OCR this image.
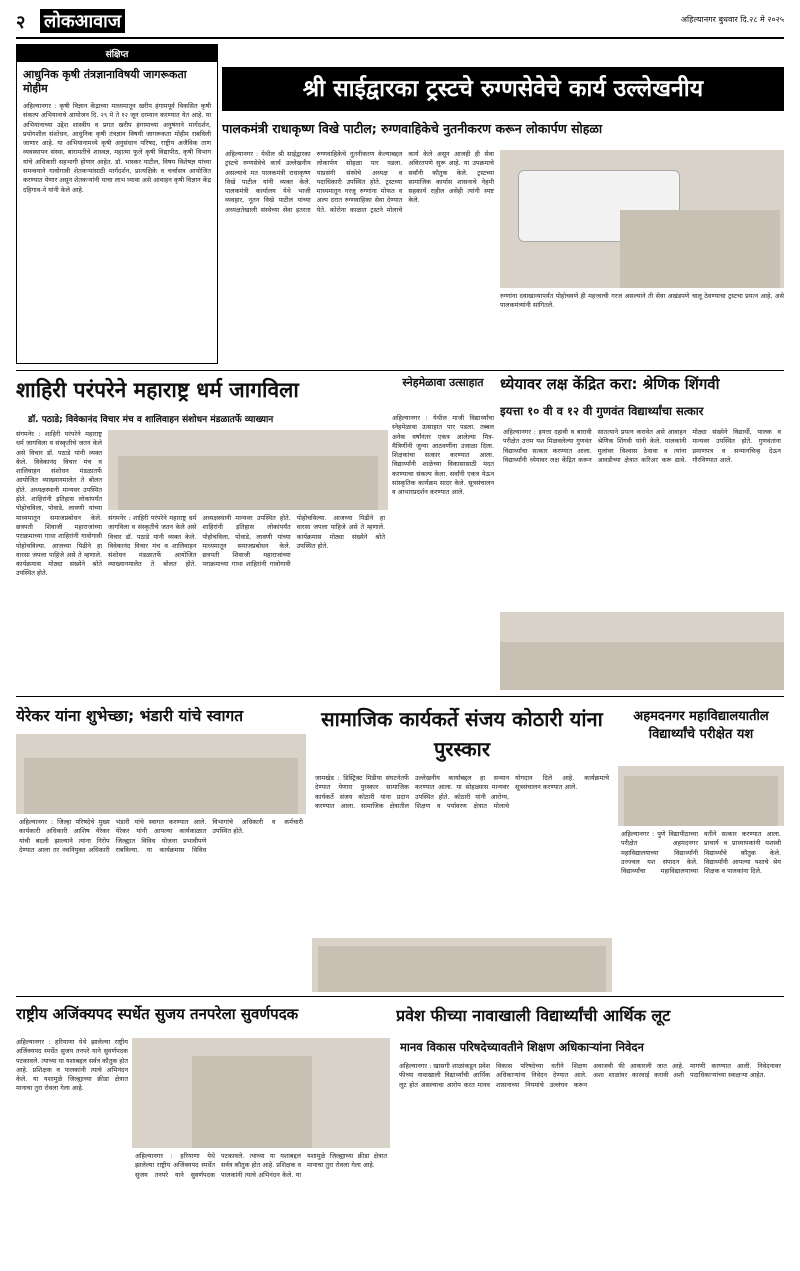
२ लोकआवाज	अहिल्यानगर बुधवार दि.२८ मे २०२५
संक्षिप्त
आधुनिक कृषी तंत्रज्ञानाविषयी जागरूकता मोहीम
अहिल्यानगर : कृषी विज्ञान केंद्राच्या माध्यमातून खरीप हंगामपूर्व विकसित कृषी संकल्प अभियानाचे आयोजन दि. २९ मे ते १२ जून दरम्यान करण्यात येत आहे. या अभियानाच्या उद्देश शास्त्रीय व प्रगत खरीप हंगामाच्या अनुषंगाने मार्गदर्शन, प्रयोगशील संशोधन, आधुनिक कृषी तंत्रज्ञान विषयी जागरूकता मोहीम राबविली जाणार आहे. या अभियानामध्ये कृषी अनुसंधान परिषद, राष्ट्रीय अजैविक ताण व्यवस्थापन संस्था, बारामतीचे शास्त्रज्ञ, महात्मा फुले कृषी विद्यापीठ, कृषी विभाग यांचे अधिकारी सहभागी होणार आहेत. डॉ. भास्कर पाटील, विषय विशेषज्ञ यांच्या समन्वयाने गावोगावी शेतकऱ्यांसाठी मार्गदर्शन, प्रात्यक्षिके व चर्चासत्र आयोजित करण्यात येणार असून शेतकऱ्यांनी याचा लाभ घ्यावा असे आवाहन कृषी विज्ञान केंद्र दहिगाव-ने यांनी केले आहे.
श्री साईद्वारका ट्रस्टचे रुग्णसेवेचे कार्य उल्लेखनीय
पालकमंत्री राधाकृष्ण विखे पाटील; रुग्णवाहिकेचे नुतनीकरण करून लोकार्पण सोहळा
अहिल्यानगर : येथील श्री साईद्वारका ट्रस्टचे रुग्णसेवेचे कार्य उल्लेखनीय असल्याचे मत पालकमंत्री राधाकृष्ण विखे पाटील यांनी व्यक्त केले. पालकमंत्री कार्यालय येथे भाजी व्यवहार, नूतन विखे पाटील यांच्या अध्यक्षतेखाली संस्थेच्या सेवा इतरता रुग्णवाहिकेचे नूतनीकरण केल्याबद्दल लोकार्पण सोहळा पार पडला. याप्रसंगी संस्थेचे अध्यक्ष व पदाधिकारी उपस्थित होते. ट्रस्टच्या माध्यमातून गरजू रुग्णांना मोफत व अल्प दरात रुग्णवाहिका सेवा देण्यात येते. कोरोना काळात ट्रस्टने मोलाचे कार्य केले असून आजही ही सेवा अविरतपणे सुरू आहे. या उपक्रमाचे सर्वांनी कौतुक केले. ट्रस्टच्या सामाजिक कार्यास शासनाचे नेहमी सहकार्य राहील असेही त्यांनी स्पष्ट केले.
रुग्णांना दवाखान्यापर्यंत पोहोचवणे ही महत्त्वाची गरज असल्याने ती सेवा अखंडपणे चालू ठेवण्याचा ट्रस्टचा प्रयत्न आहे, असे पालकमंत्र्यांनी सांगितले.
शाहिरी परंपरेने महाराष्ट्र धर्म जागविला
डॉ. पठाडे; विवेकानंद विचार मंच व शालिवाहन संशोधन मंडळातर्फे व्याख्यान
संगमनेर : शाहिरी परंपरेने महाराष्ट्र धर्म जागविला व संस्कृतीचे जतन केले असे विचार डॉ. पठाडे यांनी व्यक्त केले. विवेकानंद विचार मंच व शालिवाहन संशोधन मंडळातर्फे आयोजित व्याख्यानमालेत ते बोलत होते. अध्यक्षस्थानी मान्यवर उपस्थित होते. शाहिरांनी इतिहास लोकांपर्यंत पोहोचविला, पोवाडे, लावणी यांच्या माध्यमातून समाजप्रबोधन केले. छत्रपती शिवाजी महाराजांच्या पराक्रमाच्या गाथा शाहिरांनी गावोगावी पोहोचविल्या. आजच्या पिढीने हा वारसा जपला पाहिजे असे ते म्हणाले. कार्यक्रमास मोठ्या संख्येने श्रोते उपस्थित होते.
संगमनेर : शाहिरी परंपरेने महाराष्ट्र धर्म जागविला व संस्कृतीचे जतन केले असे विचार डॉ. पठाडे यांनी व्यक्त केले. विवेकानंद विचार मंच व शालिवाहन संशोधन मंडळातर्फे आयोजित व्याख्यानमालेत ते बोलत होते. अध्यक्षस्थानी मान्यवर उपस्थित होते. शाहिरांनी इतिहास लोकांपर्यंत पोहोचविला, पोवाडे, लावणी यांच्या माध्यमातून समाजप्रबोधन केले. छत्रपती शिवाजी महाराजांच्या पराक्रमाच्या गाथा शाहिरांनी गावोगावी पोहोचविल्या. आजच्या पिढीने हा वारसा जपला पाहिजे असे ते म्हणाले. कार्यक्रमास मोठ्या संख्येने श्रोते उपस्थित होते.
स्नेहमेळावा उत्साहात
अहिल्यानगर : येथील माजी विद्यार्थ्यांचा स्नेहमेळावा उत्साहात पार पडला. तब्बल अनेक वर्षांनंतर एकत्र आलेल्या मित्र-मैत्रिणींनी जुन्या आठवणींना उजाळा दिला. शिक्षकांचा सत्कार करण्यात आला. विद्यार्थ्यांनी शाळेच्या विकासासाठी मदत करण्याचा संकल्प केला. सर्वांनी एकत्र येऊन सांस्कृतिक कार्यक्रम सादर केले. सूत्रसंचालन व आभारप्रदर्शन करण्यात आले.
ध्येयावर लक्ष केंद्रित करा: श्रेणिक शिंगवी
इयत्ता १० वी व १२ वी गुणवंत विद्यार्थ्यांचा सत्कार
अहिल्यानगर : इयत्ता दहावी व बारावी परीक्षेत उत्तम यश मिळवलेल्या गुणवंत विद्यार्थ्यांचा सत्कार करण्यात आला. विद्यार्थ्यांनी ध्येयावर लक्ष केंद्रित करून सातत्याने प्रयत्न करावेत असे आवाहन श्रेणिक शिंगवी यांनी केले. पालकांनी मुलांवर विश्वास ठेवावा व त्यांना आवडीच्या क्षेत्रात करिअर करू द्यावे. मोठ्या संख्येने विद्यार्थी, पालक व मान्यवर उपस्थित होते. गुणवंतांना प्रमाणपत्र व सन्मानचिन्ह देऊन गौरविण्यात आले.
येरेकर यांना शुभेच्छा; भंडारी यांचे स्वागत
अहिल्यानगर : जिल्हा परिषदेचे मुख्य कार्यकारी अधिकारी आशिष येरेकर यांची बदली झाल्याने त्यांना निरोप देण्यात आला तर नवनियुक्त अधिकारी भंडारी यांचे स्वागत करण्यात आले. येरेकर यांनी आपल्या कार्यकाळात जिल्ह्यात विविध योजना प्रभावीपणे राबविल्या. या कार्यक्रमास विविध विभागांचे अधिकारी व कर्मचारी उपस्थित होते.
सामाजिक कार्यकर्ते संजय कोठारी यांना पुरस्कार
जामखेड : डिस्ट्रिक्ट मिडीया संघटनेतर्फे देण्यात येणारा पुरस्कार सामाजिक कार्यकर्ते संजय कोठारी यांना प्रदान करण्यात आला. सामाजिक क्षेत्रातील उल्लेखनीय कार्याबद्दल हा सन्मान करण्यात आला. या सोहळ्यास मान्यवर उपस्थित होते. कोठारी यांनी आरोग्य, शिक्षण व पर्यावरण क्षेत्रात मोलाचे योगदान दिले आहे. कार्यक्रमाचे सूत्रसंचालन करण्यात आले.
अहमदनगर महाविद्यालयातील विद्यार्थ्यांचे परीक्षेत यश
अहिल्यानगर : पुणे विद्यापीठाच्या परीक्षेत अहमदनगर महाविद्यालयाच्या विद्यार्थ्यांनी उज्ज्वल यश संपादन केले. विद्यार्थ्यांचा महाविद्यालयाच्या वतीने सत्कार करण्यात आला. प्राचार्य व प्राध्यापकांनी यशस्वी विद्यार्थ्यांचे कौतुक केले. विद्यार्थ्यांनी आपल्या यशाचे श्रेय शिक्षक व पालकांना दिले.
राष्ट्रीय अजिंक्यपद स्पर्धेत सुजय तनपरेला सुवर्णपदक
अहिल्यानगर : हरियाणा येथे झालेल्या राष्ट्रीय अजिंक्यपद स्पर्धेत सुजय तनपरे याने सुवर्णपदक पटकावले. त्याच्या या यशाबद्दल सर्वत्र कौतुक होत आहे. प्रशिक्षक व पालकांनी त्याचे अभिनंदन केले. या यशामुळे जिल्ह्याच्या क्रीडा क्षेत्रात मानाचा तुरा रोवला गेला आहे.
अहिल्यानगर : हरियाणा येथे झालेल्या राष्ट्रीय अजिंक्यपद स्पर्धेत सुजय तनपरे याने सुवर्णपदक पटकावले. त्याच्या या यशाबद्दल सर्वत्र कौतुक होत आहे. प्रशिक्षक व पालकांनी त्याचे अभिनंदन केले. या यशामुळे जिल्ह्याच्या क्रीडा क्षेत्रात मानाचा तुरा रोवला गेला आहे.
प्रवेश फीच्या नावाखाली विद्यार्थ्यांची आर्थिक लूट
मानव विकास परिषदेच्यावतीने शिक्षण अधिकाऱ्यांना निवेदन
अहिल्यानगर : खासगी शाळांकडून प्रवेश फीच्या नावाखाली विद्यार्थ्यांची आर्थिक लूट होत असल्याचा आरोप करत मानव विकास परिषदेच्या वतीने शिक्षण अधिकाऱ्यांना निवेदन देण्यात आले. शासनाच्या नियमांचे उल्लंघन करून अवाजवी फी आकारली जात आहे. अशा शाळांवर कारवाई करावी अशी मागणी करण्यात आली. निवेदनावर पदाधिकाऱ्यांच्या स्वाक्षऱ्या आहेत.
